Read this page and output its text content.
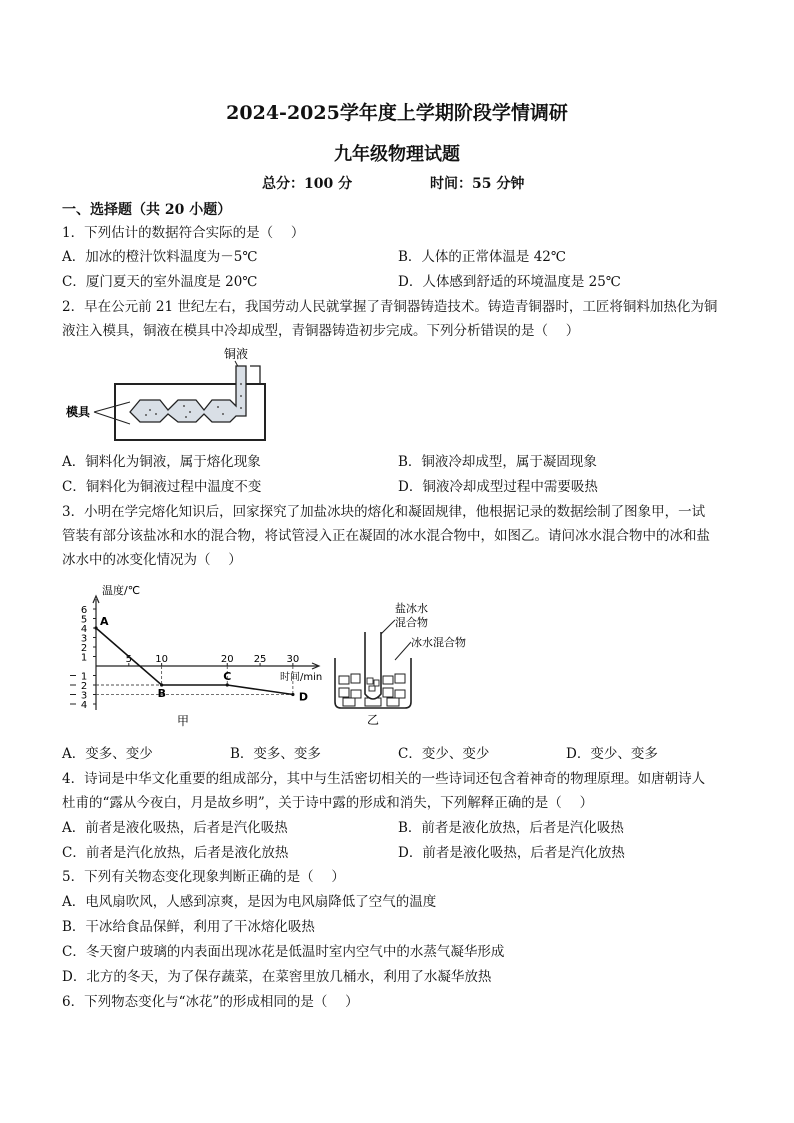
2024-2025学年度上学期阶段学情调研
九年级物理试题
总分：100 分	时间：55 分钟
一、选择题（共 20 小题）
1．下列估计的数据符合实际的是（　 ）
A．加冰的橙汁饮料温度为－5℃	B．人体的正常体温是 42℃
C．厦门夏天的室外温度是 20℃	D．人体感到舒适的环境温度是 25℃
2．早在公元前 21 世纪左右，我国劳动人民就掌握了青铜器铸造技术。铸造青铜器时，工匠将铜料加热化为铜
液注入模具，铜液在模具中冷却成型，青铜器铸造初步完成。下列分析错误的是（　 ）
铜液
模具
A．铜料化为铜液，属于熔化现象	B．铜液冷却成型，属于凝固现象
C．铜料化为铜液过程中温度不变	D．铜液冷却成型过程中需要吸热
3．小明在学完熔化知识后，回家探究了加盐冰块的熔化和凝固规律，他根据记录的数据绘制了图象甲，一试
管装有部分该盐冰和水的混合物，将试管浸入正在凝固的冰水混合物中，如图乙。请问冰水混合物中的冰和盐
冰水中的冰变化情况为（　 ）
温度/℃
时间/min
甲
6
5
4
3
2
1
1
2
3
4
5 10	20 25 30
A
B
C
D
盐冰水
混合物
冰水混合物
乙
A．变多、变少	B．变多、变多	C．变少、变少	D．变少、变多
4．诗词是中华文化重要的组成部分，其中与生活密切相关的一些诗词还包含着神奇的物理原理。如唐朝诗人
杜甫的“露从今夜白，月是故乡明”，关于诗中露的形成和消失，下列解释正确的是（　 ）
A．前者是液化吸热，后者是汽化吸热	B．前者是液化放热，后者是汽化吸热
C．前者是汽化放热，后者是液化放热	D．前者是液化吸热，后者是汽化放热
5．下列有关物态变化现象判断正确的是（　 ）
A．电风扇吹风，人感到凉爽，是因为电风扇降低了空气的温度
B．干冰给食品保鲜，利用了干冰熔化吸热
C．冬天窗户玻璃的内表面出现冰花是低温时室内空气中的水蒸气凝华形成
D．北方的冬天，为了保存蔬菜，在菜窖里放几桶水，利用了水凝华放热
6．下列物态变化与“冰花”的形成相同的是（　 ）
